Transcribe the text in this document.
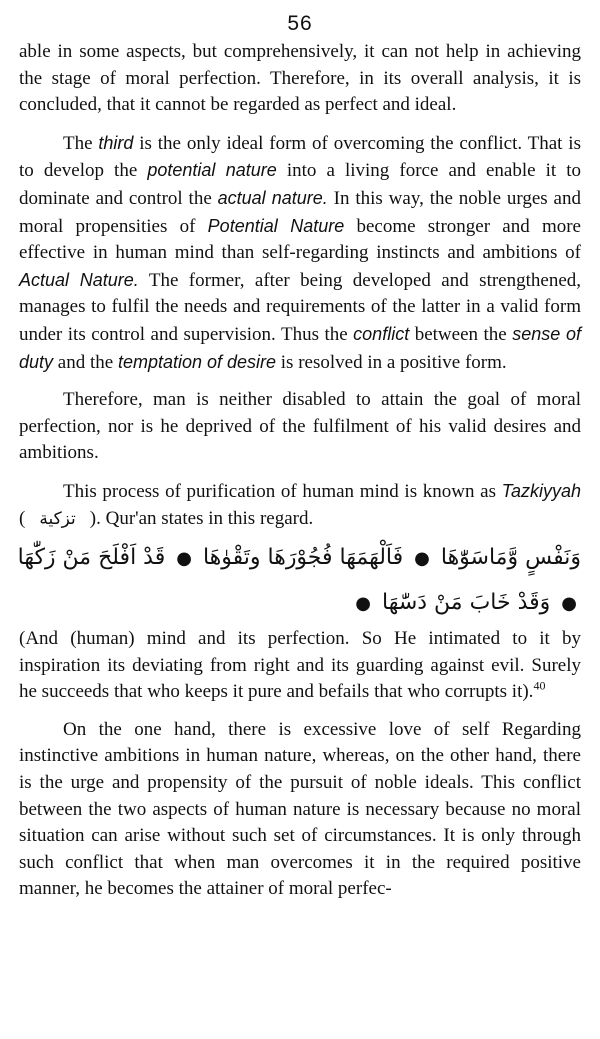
56

able in some aspects, but comprehensively, it can not help in achieving the stage of moral perfection. Therefore, in its overall analysis, it is concluded, that it cannot be regarded as perfect and ideal.

The third is the only ideal form of overcoming the conflict. That is to develop the potential nature into a living force and enable it to dominate and control the actual nature. In this way, the noble urges and moral propensities of Potential Nature become stronger and more effective in human mind than self-regarding instincts and ambitions of Actual Nature. The former, after being developed and strengthened, manages to fulfil the needs and requirements of the latter in a valid form under its control and supervision. Thus the conflict between the sense of duty and the temptation of desire is resolved in a positive form.

Therefore, man is neither disabled to attain the goal of moral perfection, nor is he deprived of the fulfilment of his valid desires and ambitions.

This process of purification of human mind is known as Tazkiyyah ( تزكية ). Qur'an states in this regard.

وَنَفْسٍ وَّمَاسَوّٰهَا ● فَاَلْهَمَهَا فُجُوْرَهَا وتَقْوٰهَا ● قَدْ اَفْلَحَ مَنْ زَكّٰهَا
● وَقَدْ خَابَ مَنْ دَسّٰهَا ●

(And (human) mind and its perfection. So He intimated to it by inspiration its deviating from right and its guarding against evil. Surely he succeeds that who keeps it pure and befails that who corrupts it).$^{40}$

On the one hand, there is excessive love of self Regarding instinctive ambitions in human nature, whereas, on the other hand, there is the urge and propensity of the pursuit of noble ideals. This conflict between the two aspects of human nature is necessary because no moral situation can arise without such set of circumstances. It is only through such conflict that when man overcomes it in the required positive manner, he becomes the attainer of moral perfec-
